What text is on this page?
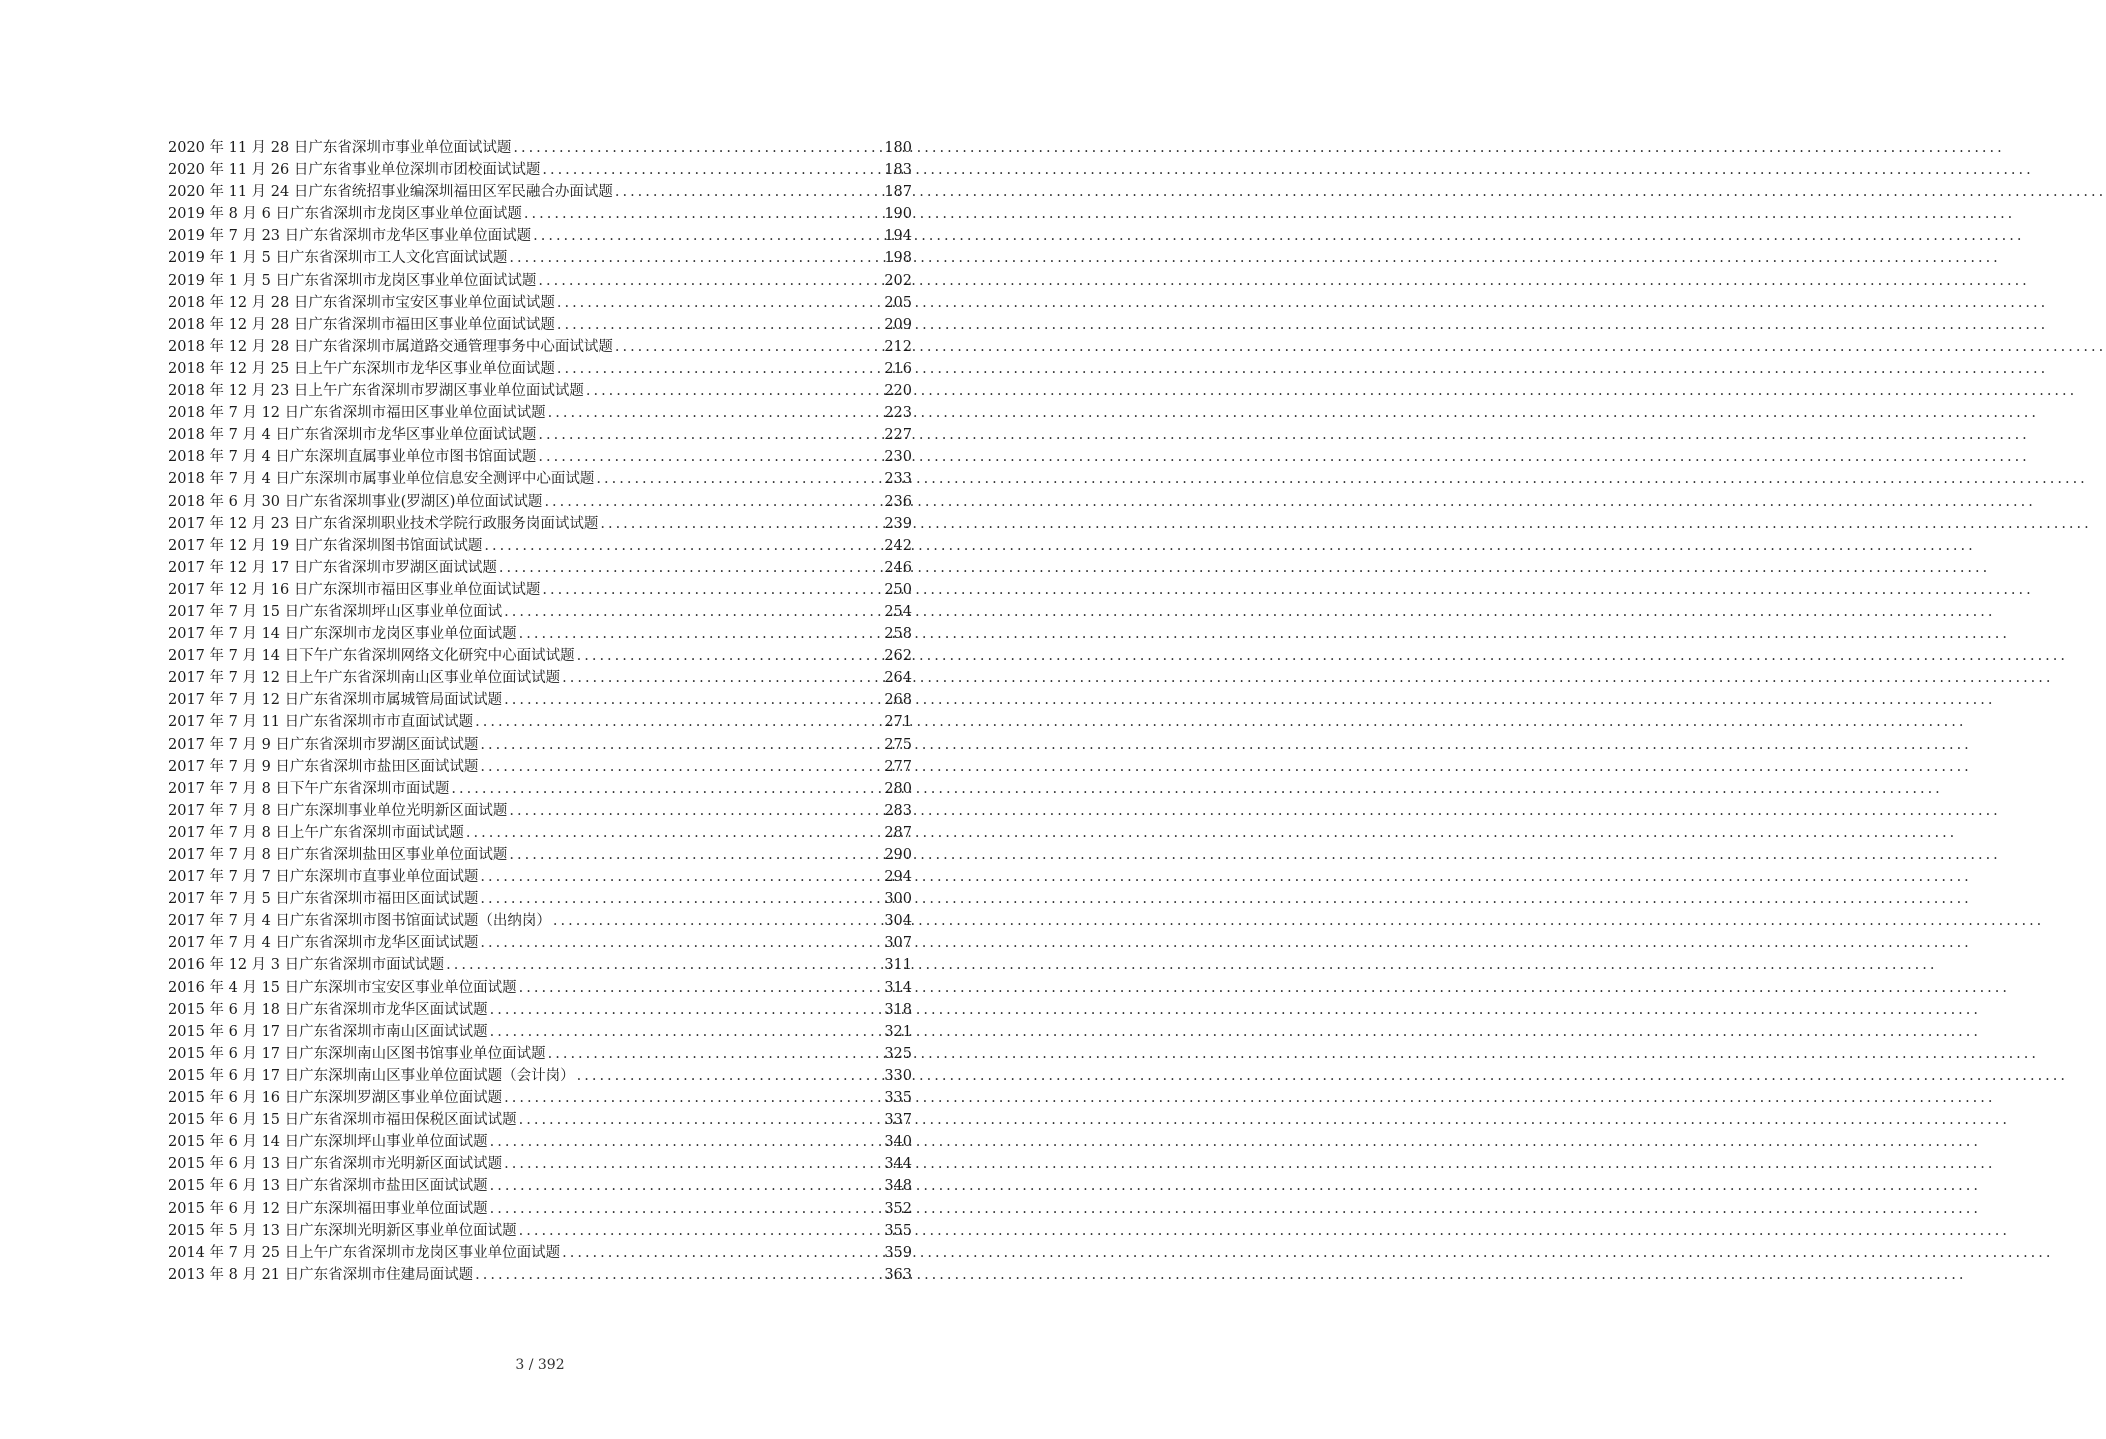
2020 年 11 月 28 日广东省深圳市事业单位面试试题 .....	180
2020 年 11 月 26 日广东省事业单位深圳市团校面试试题 .....	183
2020 年 11 月 24 日广东省统招事业编深圳福田区军民融合办面试题 .....	187
2019 年 8 月 6 日广东省深圳市龙岗区事业单位面试题 .....	190
2019 年 7 月 23 日广东省深圳市龙华区事业单位面试题 .....	194
2019 年 1 月 5 日广东省深圳市工人文化宫面试试题 .....	198
2019 年 1 月 5 日广东省深圳市龙岗区事业单位面试试题 .....	202
2018 年 12 月 28 日广东省深圳市宝安区事业单位面试试题 .....	205
2018 年 12 月 28 日广东省深圳市福田区事业单位面试试题 .....	209
2018 年 12 月 28 日广东省深圳市属道路交通管理事务中心面试试题 .....	212
2018 年 12 月 25 日上午广东深圳市龙华区事业单位面试题 .....	216
2018 年 12 月 23 日上午广东省深圳市罗湖区事业单位面试试题 .....	220
2018 年 7 月 12 日广东省深圳市福田区事业单位面试试题 .....	223
2018 年 7 月 4 日广东省深圳市龙华区事业单位面试试题 .....	227
2018 年 7 月 4 日广东深圳直属事业单位市图书馆面试题 .....	230
2018 年 7 月 4 日广东深圳市属事业单位信息安全测评中心面试题 .....	233
2018 年 6 月 30 日广东省深圳事业(罗湖区)单位面试试题 .....	236
2017 年 12 月 23 日广东省深圳职业技术学院行政服务岗面试试题 .....	239
2017 年 12 月 19 日广东省深圳图书馆面试试题 .....	242
2017 年 12 月 17 日广东省深圳市罗湖区面试试题 .....	246
2017 年 12 月 16 日广东深圳市福田区事业单位面试试题 .....	250
2017 年 7 月 15 日广东省深圳坪山区事业单位面试 .....	254
2017 年 7 月 14 日广东深圳市龙岗区事业单位面试题 .....	258
2017 年 7 月 14 日下午广东省深圳网络文化研究中心面试试题 .....	262
2017 年 7 月 12 日上午广东省深圳南山区事业单位面试试题 .....	264
2017 年 7 月 12 日广东省深圳市属城管局面试试题 .....	268
2017 年 7 月 11 日广东省深圳市市直面试试题 .....	271
2017 年 7 月 9 日广东省深圳市罗湖区面试试题 .....	275
2017 年 7 月 9 日广东省深圳市盐田区面试试题 .....	277
2017 年 7 月 8 日下午广东省深圳市面试题 .....	280
2017 年 7 月 8 日广东深圳事业单位光明新区面试题 .....	283
2017 年 7 月 8 日上午广东省深圳市面试试题 .....	287
2017 年 7 月 8 日广东省深圳盐田区事业单位面试题 .....	290
2017 年 7 月 7 日广东深圳市直事业单位面试题 .....	294
2017 年 7 月 5 日广东省深圳市福田区面试试题 .....	300
2017 年 7 月 4 日广东省深圳市图书馆面试试题（出纳岗） .....	304
2017 年 7 月 4 日广东省深圳市龙华区面试试题 .....	307
2016 年 12 月 3 日广东省深圳市面试试题 .....	311
2016 年 4 月 15 日广东深圳市宝安区事业单位面试题 .....	314
2015 年 6 月 18 日广东省深圳市龙华区面试试题 .....	318
2015 年 6 月 17 日广东省深圳市南山区面试试题 .....	321
2015 年 6 月 17 日广东深圳南山区图书馆事业单位面试题 .....	325
2015 年 6 月 17 日广东深圳南山区事业单位面试题（会计岗） .....	330
2015 年 6 月 16 日广东深圳罗湖区事业单位面试题 .....	335
2015 年 6 月 15 日广东省深圳市福田保税区面试试题 .....	337
2015 年 6 月 14 日广东深圳坪山事业单位面试题 .....	340
2015 年 6 月 13 日广东省深圳市光明新区面试试题 .....	344
2015 年 6 月 13 日广东省深圳市盐田区面试试题 .....	348
2015 年 6 月 12 日广东深圳福田事业单位面试题 .....	352
2015 年 5 月 13 日广东深圳光明新区事业单位面试题 .....	355
2014 年 7 月 25 日上午广东省深圳市龙岗区事业单位面试题 .....	359
2013 年 8 月 21 日广东省深圳市住建局面试题 .....	363
3 / 392
